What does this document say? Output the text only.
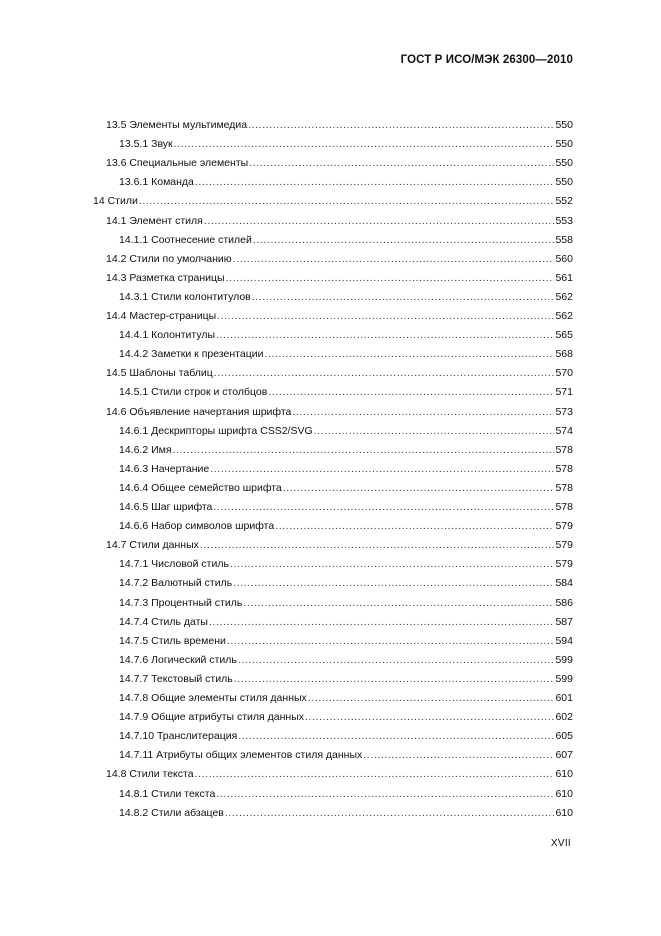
ГОСТ Р ИСО/МЭК 26300—2010
13.5 Элементы мультимедиа .....	550
13.5.1 Звук .....	550
13.6 Специальные элементы .....	550
13.6.1 Команда .....	550
14 Стили .....	552
14.1 Элемент стиля .....	553
14.1.1 Соотнесение стилей .....	558
14.2 Стили по умолчанию .....	560
14.3 Разметка страницы .....	561
14.3.1 Стили колонтитулов .....	562
14.4 Мастер-страницы .....	562
14.4.1 Колонтитулы .....	565
14.4.2 Заметки к презентации .....	568
14.5 Шаблоны таблиц .....	570
14.5.1 Стили строк и столбцов .....	571
14.6 Объявление начертания шрифта .....	573
14.6.1 Дескрипторы шрифта CSS2/SVG .....	574
14.6.2 Имя .....	578
14.6.3 Начертание .....	578
14.6.4 Общее семейство шрифта .....	578
14.6.5 Шаг шрифта .....	578
14.6.6 Набор символов шрифта .....	579
14.7 Стили данных .....	579
14.7.1 Числовой стиль .....	579
14.7.2 Валютный стиль .....	584
14.7.3 Процентный стиль .....	586
14.7.4 Стиль даты .....	587
14.7.5 Стиль времени .....	594
14.7.6 Логический стиль .....	599
14.7.7 Текстовый стиль .....	599
14.7.8 Общие элементы стиля данных .....	601
14.7.9 Общие атрибуты стиля данных .....	602
14.7.10 Транслитерация .....	605
14.7.11 Атрибуты общих элементов стиля данных .....	607
14.8 Стили текста .....	610
14.8.1 Стили текста .....	610
14.8.2 Стили абзацев .....	610
XVII
